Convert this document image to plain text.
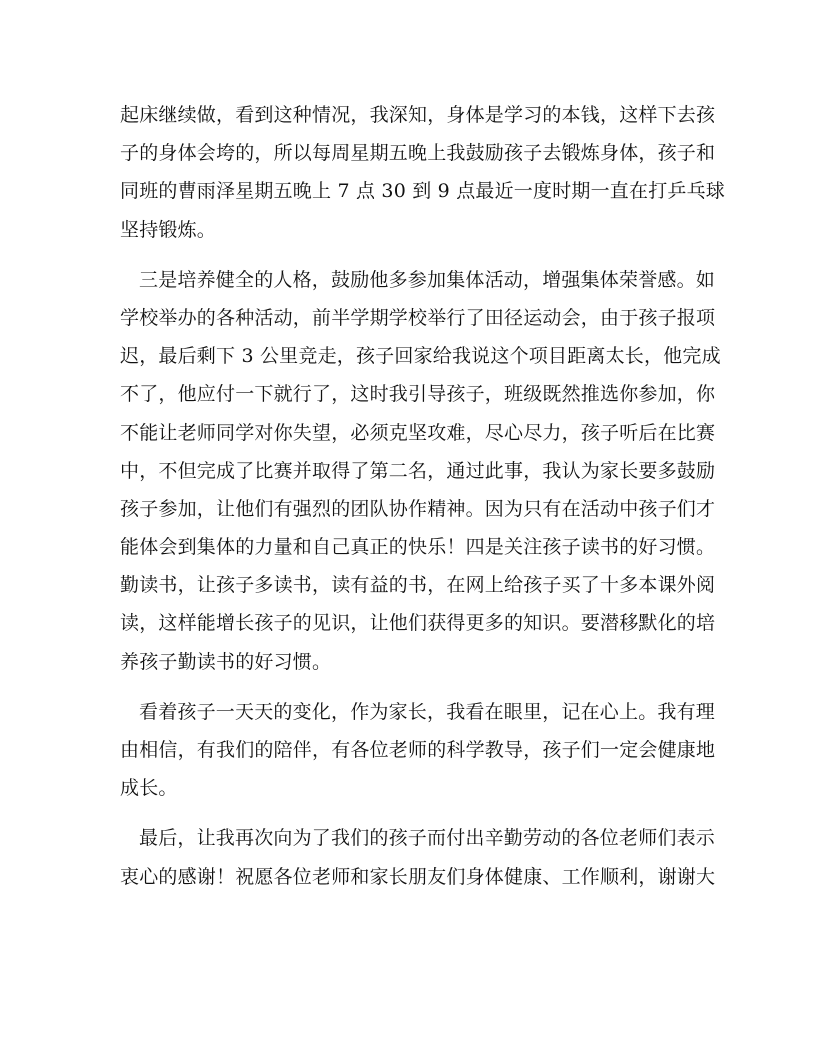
起床继续做，看到这种情况，我深知，身体是学习的本钱，这样下去孩
子的身体会垮的，所以每周星期五晚上我鼓励孩子去锻炼身体，孩子和
同班的曹雨泽星期五晚上 7 点 30 到 9 点最近一度时期一直在打乒乓球
坚持锻炼。
三是培养健全的人格，鼓励他多参加集体活动，增强集体荣誉感。如
学校举办的各种活动，前半学期学校举行了田径运动会，由于孩子报项
迟，最后剩下 3 公里竞走，孩子回家给我说这个项目距离太长，他完成
不了，他应付一下就行了，这时我引导孩子，班级既然推选你参加，你
不能让老师同学对你失望，必须克坚攻难，尽心尽力，孩子听后在比赛
中，不但完成了比赛并取得了第二名，通过此事，我认为家长要多鼓励
孩子参加，让他们有强烈的团队协作精神。因为只有在活动中孩子们才
能体会到集体的力量和自己真正的快乐！四是关注孩子读书的好习惯。
勤读书，让孩子多读书，读有益的书，在网上给孩子买了十多本课外阅
读，这样能增长孩子的见识，让他们获得更多的知识。要潜移默化的培
养孩子勤读书的好习惯。
看着孩子一天天的变化，作为家长，我看在眼里，记在心上。我有理
由相信，有我们的陪伴，有各位老师的科学教导，孩子们一定会健康地
成长。
最后，让我再次向为了我们的孩子而付出辛勤劳动的各位老师们表示
衷心的感谢！祝愿各位老师和家长朋友们身体健康、工作顺利，谢谢大
